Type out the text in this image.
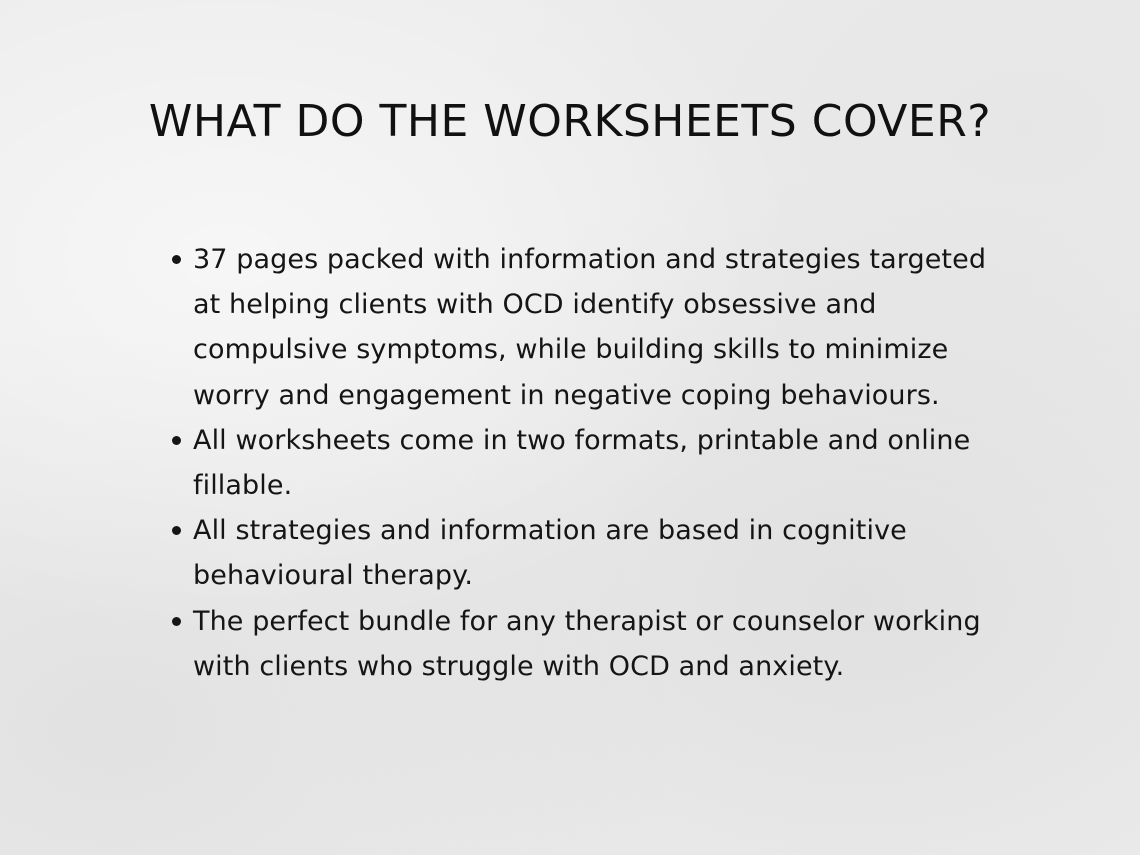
WHAT DO THE WORKSHEETS COVER?
37 pages packed with information and strategies targeted at helping clients with OCD identify obsessive and compulsive symptoms, while building skills to minimize worry and engagement in negative coping behaviours.
All worksheets come in two formats, printable and online fillable.
All strategies and information are based in cognitive behavioural therapy.
The perfect bundle for any therapist or counselor working with clients who struggle with OCD and anxiety.
